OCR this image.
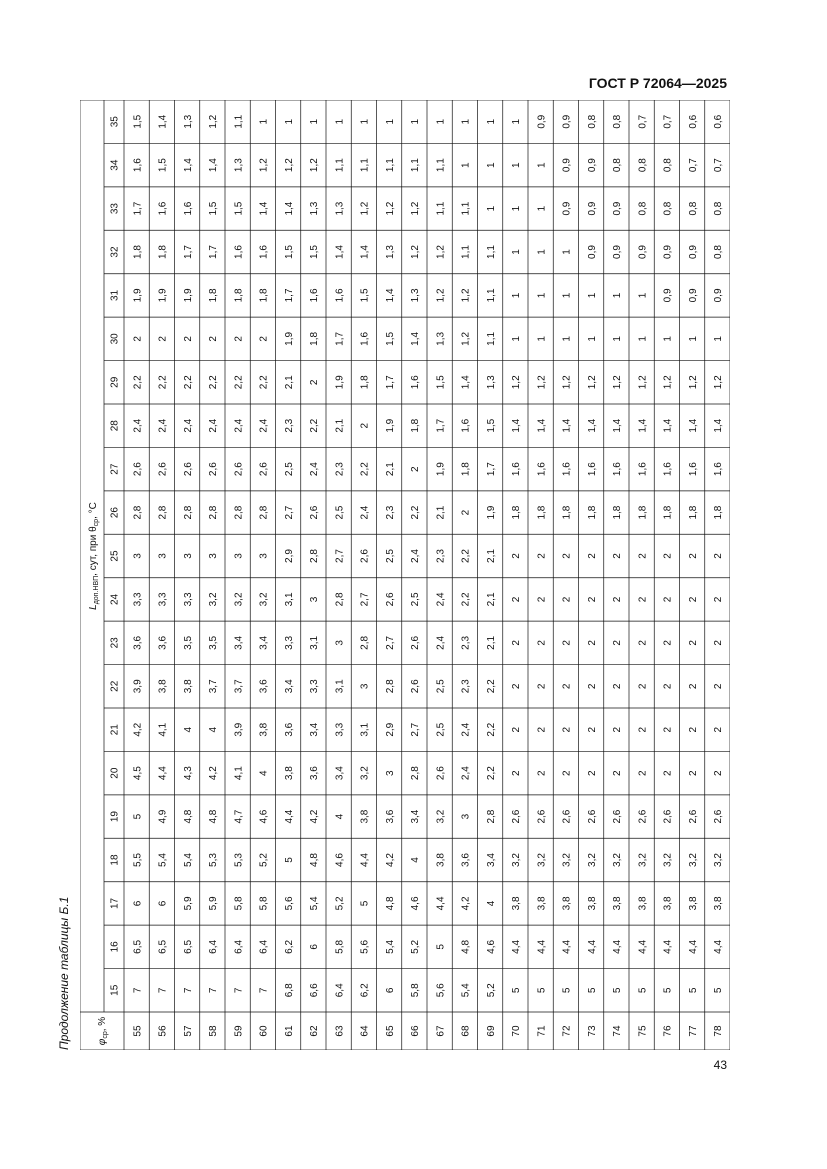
ГОСТ Р 72064—2025
Продолжение таблицы Б.1	$\varphi_{ср}$, %
$L_{доп.НВП}$, сут, при $\theta_{ср}$, °С
15
16
17
18
19
20
21
22
23
24
25
26
27
28
29
30
31
32
33
34
35
55
7
6,5
6
5,5
5
4,5
4,2
3,9
3,6
3,3
3
2,8
2,6
2,4
2,2
2
1,9
1,8
1,7
1,6
1,5
56
7
6,5
6
5,4
4,9
4,4
4,1
3,8
3,6
3,3
3
2,8
2,6
2,4
2,2
2
1,9
1,8
1,6
1,5
1,4
57
7
6,5
5,9
5,4
4,8
4,3
4
3,8
3,5
3,3
3
2,8
2,6
2,4
2,2
2
1,9
1,7
1,6
1,4
1,3
58
7
6,4
5,9
5,3
4,8
4,2
4
3,7
3,5
3,2
3
2,8
2,6
2,4
2,2
2
1,8
1,7
1,5
1,4
1,2
59
7
6,4
5,8
5,3
4,7
4,1
3,9
3,7
3,4
3,2
3
2,8
2,6
2,4
2,2
2
1,8
1,6
1,5
1,3
1,1
60
7
6,4
5,8
5,2
4,6
4
3,8
3,6
3,4
3,2
3
2,8
2,6
2,4
2,2
2
1,8
1,6
1,4
1,2
1
61
6,8
6,2
5,6
5
4,4
3,8
3,6
3,4
3,3
3,1
2,9
2,7
2,5
2,3
2,1
1,9
1,7
1,5
1,4
1,2
1
62
6,6
6
5,4
4,8
4,2
3,6
3,4
3,3
3,1
3
2,8
2,6
2,4
2,2
2
1,8
1,6
1,5
1,3
1,2
1
63
6,4
5,8
5,2
4,6
4
3,4
3,3
3,1
3
2,8
2,7
2,5
2,3
2,1
1,9
1,7
1,6
1,4
1,3
1,1
1
64
6,2
5,6
5
4,4
3,8
3,2
3,1
3
2,8
2,7
2,6
2,4
2,2
2
1,8
1,6
1,5
1,4
1,2
1,1
1
65
6
5,4
4,8
4,2
3,6
3
2,9
2,8
2,7
2,6
2,5
2,3
2,1
1,9
1,7
1,5
1,4
1,3
1,2
1,1
1
66
5,8
5,2
4,6
4
3,4
2,8
2,7
2,6
2,6
2,5
2,4
2,2
2
1,8
1,6
1,4
1,3
1,2
1,2
1,1
1
67
5,6
5
4,4
3,8
3,2
2,6
2,5
2,5
2,4
2,4
2,3
2,1
1,9
1,7
1,5
1,3
1,2
1,2
1,1
1,1
1
68
5,4
4,8
4,2
3,6
3
2,4
2,4
2,3
2,3
2,2
2,2
2
1,8
1,6
1,4
1,2
1,2
1,1
1,1
1
1
69
5,2
4,6
4
3,4
2,8
2,2
2,2
2,2
2,1
2,1
2,1
1,9
1,7
1,5
1,3
1,1
1,1
1,1
1
1
1
70
5
4,4
3,8
3,2
2,6
2
2
2
2
2
2
1,8
1,6
1,4
1,2
1
1
1
1
1
1
71
5
4,4
3,8
3,2
2,6
2
2
2
2
2
2
1,8
1,6
1,4
1,2
1
1
1
1
1
0,9
72
5
4,4
3,8
3,2
2,6
2
2
2
2
2
2
1,8
1,6
1,4
1,2
1
1
1
0,9
0,9
0,9
73
5
4,4
3,8
3,2
2,6
2
2
2
2
2
2
1,8
1,6
1,4
1,2
1
1
0,9
0,9
0,9
0,8
74
5
4,4
3,8
3,2
2,6
2
2
2
2
2
2
1,8
1,6
1,4
1,2
1
1
0,9
0,9
0,8
0,8
75
5
4,4
3,8
3,2
2,6
2
2
2
2
2
2
1,8
1,6
1,4
1,2
1
1
0,9
0,8
0,8
0,7
76
5
4,4
3,8
3,2
2,6
2
2
2
2
2
2
1,8
1,6
1,4
1,2
1
0,9
0,9
0,8
0,8
0,7
77
5
4,4
3,8
3,2
2,6
2
2
2
2
2
2
1,8
1,6
1,4
1,2
1
0,9
0,9
0,8
0,7
0,6
78
5
4,4
3,8
3,2
2,6
2
2
2
2
2
2
1,8
1,6
1,4
1,2
1
0,9
0,8
0,8
0,7
0,6
43
